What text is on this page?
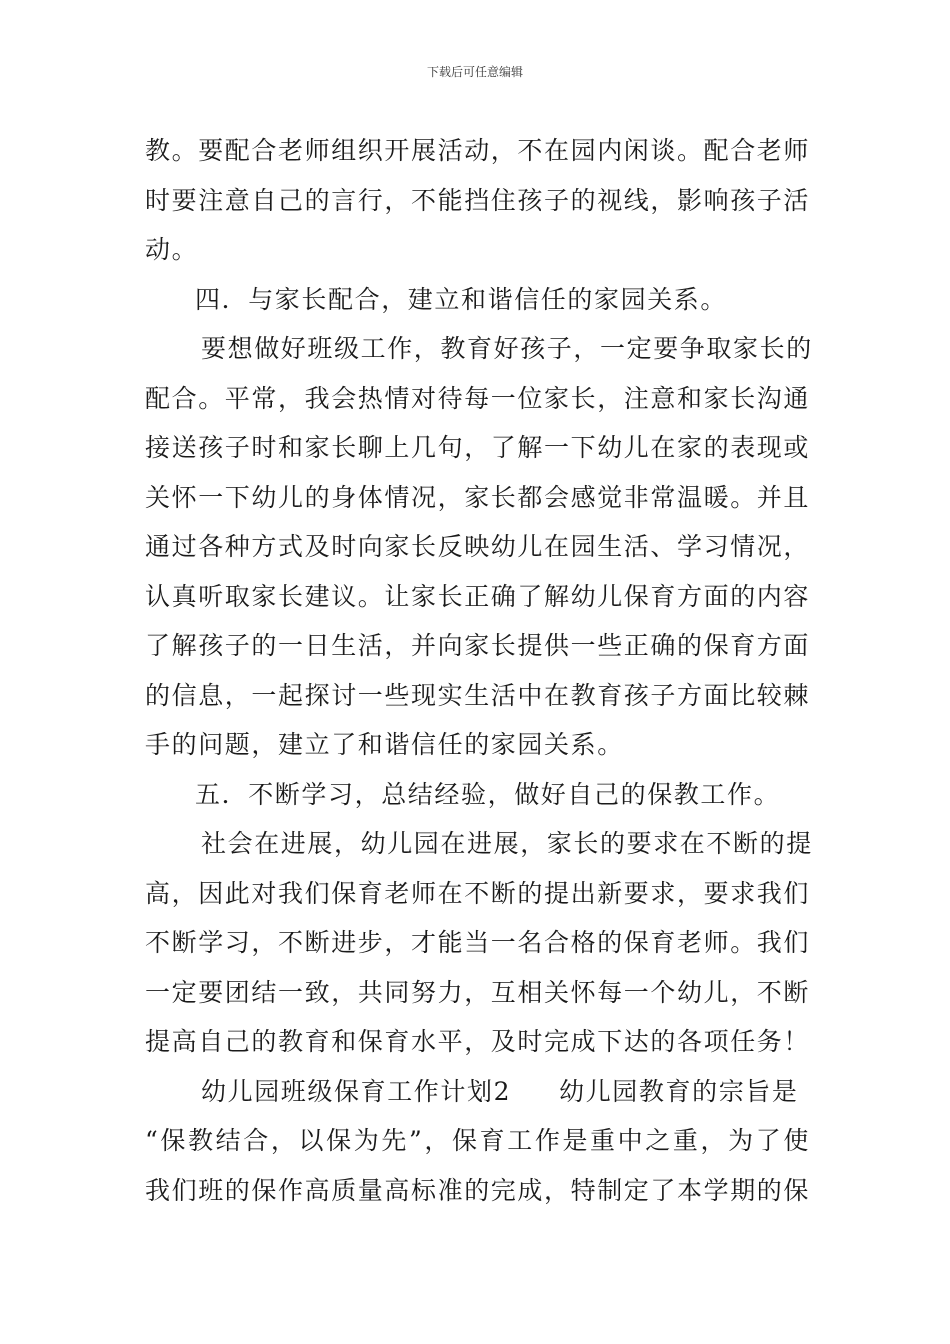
下载后可任意编辑
教。要配合老师组织开展活动，不在园内闲谈。配合老师
时要注意自己的言行，不能挡住孩子的视线，影响孩子活
动。
四．与家长配合，建立和谐信任的家园关系。
要想做好班级工作，教育好孩子，一定要争取家长的
配合。平常，我会热情对待每一位家长，注意和家长沟通
接送孩子时和家长聊上几句，了解一下幼儿在家的表现或
关怀一下幼儿的身体情况，家长都会感觉非常温暖。并且
通过各种方式及时向家长反映幼儿在园生活、学习情况，
认真听取家长建议。让家长正确了解幼儿保育方面的内容
了解孩子的一日生活，并向家长提供一些正确的保育方面
的信息，一起探讨一些现实生活中在教育孩子方面比较棘
手的问题，建立了和谐信任的家园关系。
五．不断学习，总结经验，做好自己的保教工作。
社会在进展，幼儿园在进展，家长的要求在不断的提
高，因此对我们保育老师在不断的提出新要求，要求我们
不断学习，不断进步，才能当一名合格的保育老师。我们
一定要团结一致，共同努力，互相关怀每一个幼儿，不断
提高自己的教育和保育水平，及时完成下达的各项任务！
幼儿园班级保育工作计划2 幼儿园教育的宗旨是
“保教结合，以保为先”，保育工作是重中之重，为了使
我们班的保作高质量高标准的完成，特制定了本学期的保
